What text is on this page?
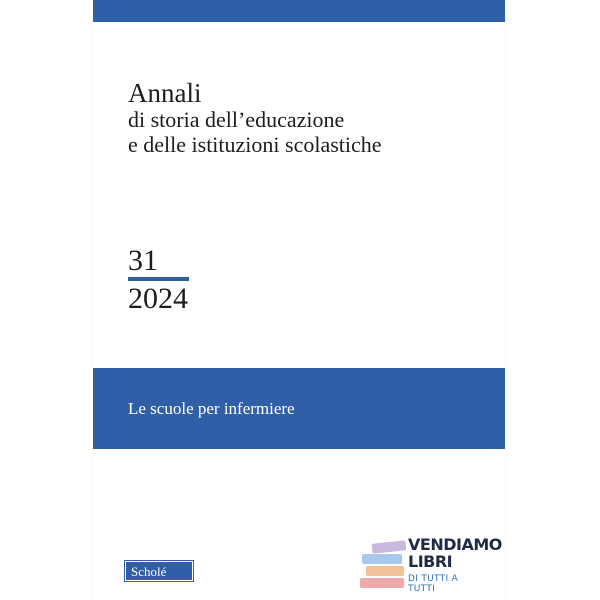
Annali
di storia dell’educazione
e delle istituzioni scolastiche
31
2024
Le scuole per infermiere
Scholé
VENDIAMO
LIBRI
DI TUTTI A TUTTI
